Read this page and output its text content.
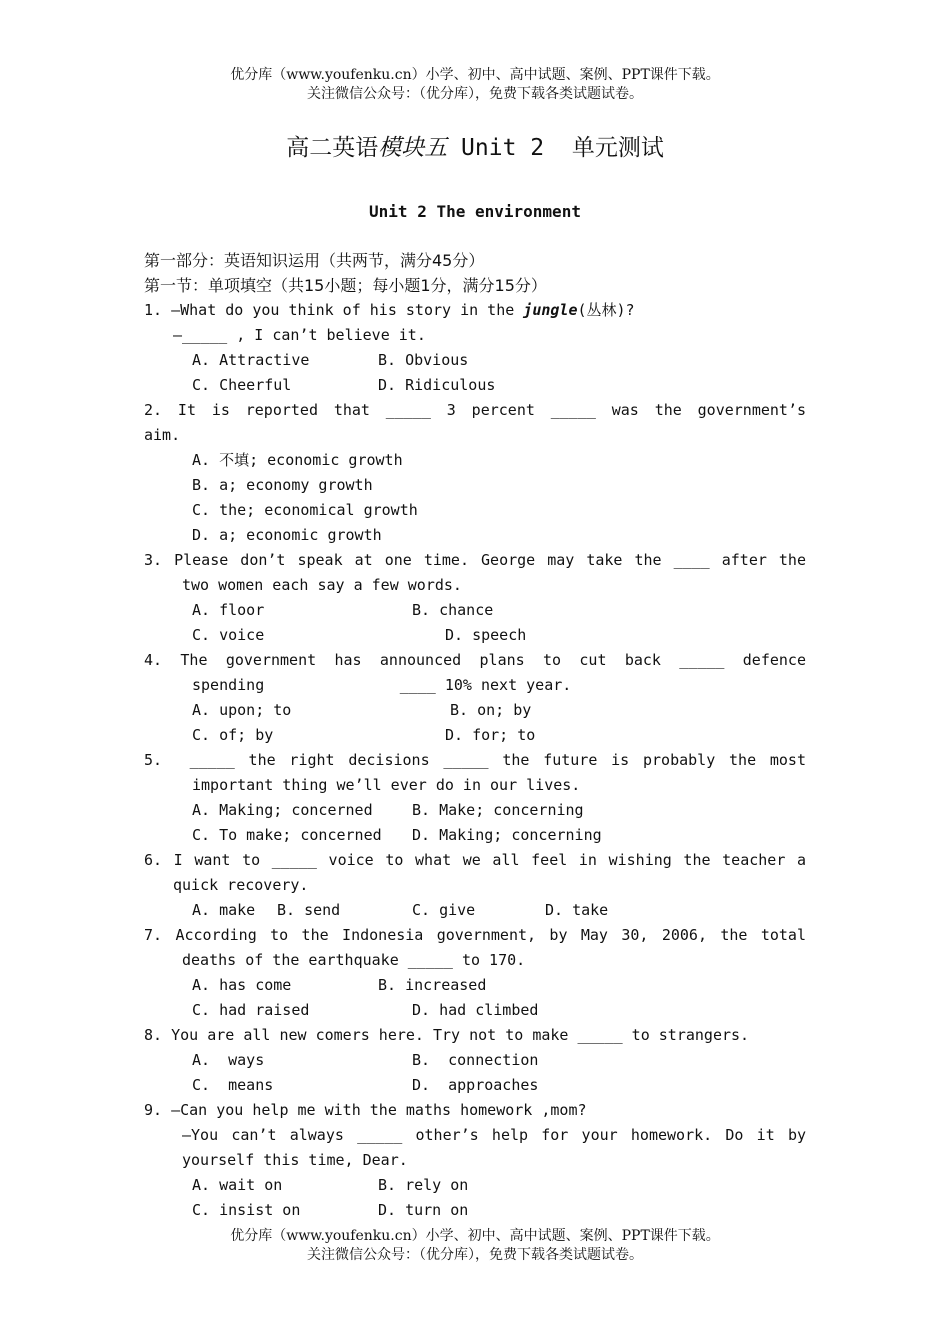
优分库（www.youfenku.cn）小学、初中、高中试题、案例、PPT课件下载。
关注微信公众号：（优分库），免费下载各类试题试卷。
高二英语模块五 Unit 2  单元测试
Unit 2 The environment
第一部分：英语知识运用（共两节，满分45分）
第一节：单项填空（共15小题；每小题1分，满分15分）
1. —What do you think of his story in the jungle(丛林)?
—_____ , I can’t believe it.
A. Attractive	B. Obvious
C. Cheerful	D. Ridiculous
2. It is reported that _____ 3 percent _____ was the government’s
aim.
A. 不填; economic growth
B. a; economy growth
C. the; economical growth
D. a; economic growth
3. Please don’t speak at one time. George may take the ____ after the
two women each say a few words.
A. floor	B. chance
C. voice	D. speech
4. The government has announced plans to cut back _____ defence
spending               ____ 10% next year.
A. upon; to	B. on; by
C. of; by	D. for; to
5.  _____ the right decisions _____ the future is probably the most
important thing we’ll ever do in our lives.
A. Making; concerned	B. Make; concerning
C. To make; concerned	D. Making; concerning
6. I want to _____ voice to what we all feel in wishing the teacher a
quick recovery.
A. make	B. send	C. give	D. take
7. According to the Indonesia government, by May 30, 2006, the total
deaths of the earthquake _____ to 170.
A. has come	B. increased
C. had raised	D. had climbed
8. You are all new comers here. Try not to make _____ to strangers.
A.  ways	B.  connection
C.  means	D.  approaches
9. —Can you help me with the maths homework ,mom?
—You can’t always _____ other’s help for your homework. Do it by
yourself this time, Dear.
A. wait on	B. rely on
C. insist on	D. turn on
优分库（www.youfenku.cn）小学、初中、高中试题、案例、PPT课件下载。
关注微信公众号：（优分库），免费下载各类试题试卷。
